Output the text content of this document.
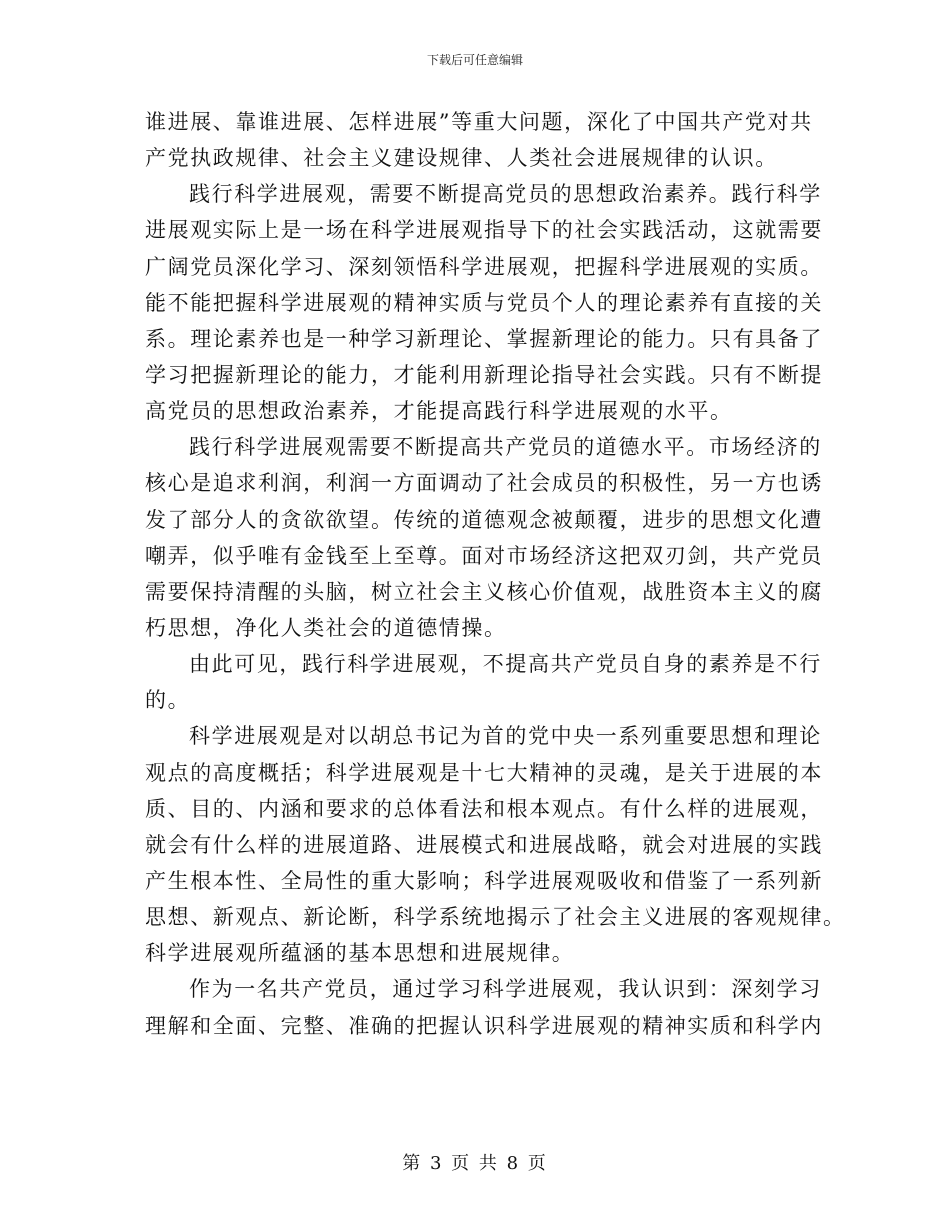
下载后可任意编辑
谁进展、靠谁进展、怎样进展”等重大问题，深化了中国共产党对共
产党执政规律、社会主义建设规律、人类社会进展规律的认识。
践行科学进展观，需要不断提高党员的思想政治素养。践行科学
进展观实际上是一场在科学进展观指导下的社会实践活动，这就需要
广阔党员深化学习、深刻领悟科学进展观，把握科学进展观的实质。
能不能把握科学进展观的精神实质与党员个人的理论素养有直接的关
系。理论素养也是一种学习新理论、掌握新理论的能力。只有具备了
学习把握新理论的能力，才能利用新理论指导社会实践。只有不断提
高党员的思想政治素养，才能提高践行科学进展观的水平。
践行科学进展观需要不断提高共产党员的道德水平。市场经济的
核心是追求利润，利润一方面调动了社会成员的积极性，另一方也诱
发了部分人的贪欲欲望。传统的道德观念被颠覆，进步的思想文化遭
嘲弄，似乎唯有金钱至上至尊。面对市场经济这把双刃剑，共产党员
需要保持清醒的头脑，树立社会主义核心价值观，战胜资本主义的腐
朽思想，净化人类社会的道德情操。
由此可见，践行科学进展观，不提高共产党员自身的素养是不行
的。
科学进展观是对以胡总书记为首的党中央一系列重要思想和理论
观点的高度概括；科学进展观是十七大精神的灵魂，是关于进展的本
质、目的、内涵和要求的总体看法和根本观点。有什么样的进展观，
就会有什么样的进展道路、进展模式和进展战略，就会对进展的实践
产生根本性、全局性的重大影响；科学进展观吸收和借鉴了一系列新
思想、新观点、新论断，科学系统地揭示了社会主义进展的客观规律。
科学进展观所蕴涵的基本思想和进展规律。
作为一名共产党员，通过学习科学进展观，我认识到：深刻学习
理解和全面、完整、准确的把握认识科学进展观的精神实质和科学内
第 3 页 共 8 页
